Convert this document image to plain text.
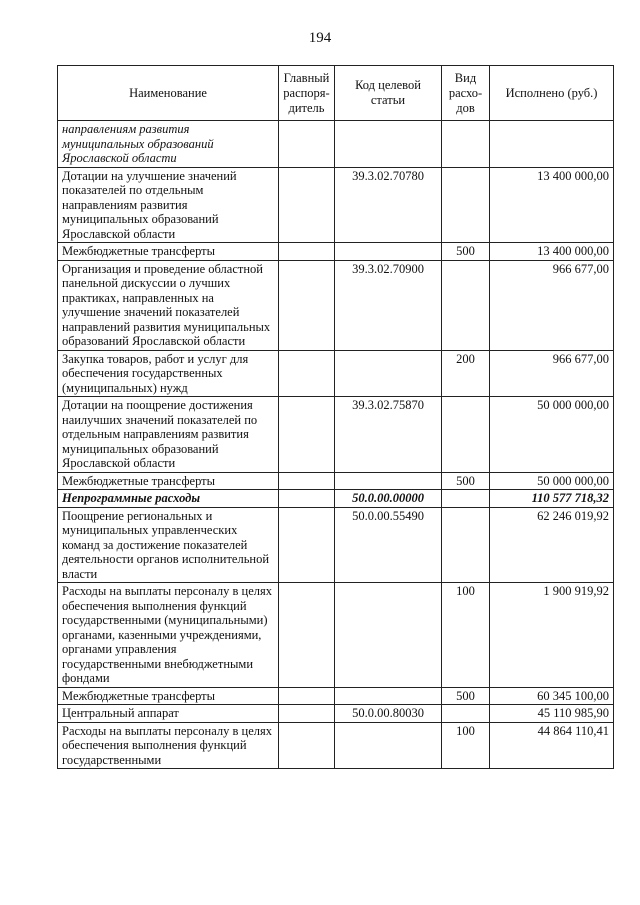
194
Наименование	Главный распоря-дитель	Код целевой статьи	Вид расхо-дов	Исполнено (руб.)
направлениям развития муниципальных образований Ярославской области				
Дотации на улучшение значений показателей по отдельным направлениям развития муниципальных образований Ярославской области		39.3.02.70780		13 400 000,00
Межбюджетные трансферты			500	13 400 000,00
Организация и проведение областной панельной дискуссии о лучших практиках, направленных на улучшение значений показателей направлений развития муниципальных образований Ярославской области		39.3.02.70900		966 677,00
Закупка товаров, работ и услуг для обеспечения государственных (муниципальных) нужд			200	966 677,00
Дотации на поощрение достижения наилучших значений показателей по отдельным направлениям развития муниципальных образований Ярославской области		39.3.02.75870		50 000 000,00
Межбюджетные трансферты			500	50 000 000,00
Непрограммные расходы		50.0.00.00000		110 577 718,32
Поощрение региональных и муниципальных управленческих команд за достижение показателей деятельности органов исполнительной власти		50.0.00.55490		62 246 019,92
Расходы на выплаты персоналу в целях обеспечения выполнения функций государственными (муниципальными) органами, казенными учреждениями, органами управления государственными внебюджетными фондами			100	1 900 919,92
Межбюджетные трансферты			500	60 345 100,00
Центральный аппарат		50.0.00.80030		45 110 985,90
Расходы на выплаты персоналу в целях обеспечения выполнения функций государственными			100	44 864 110,41
